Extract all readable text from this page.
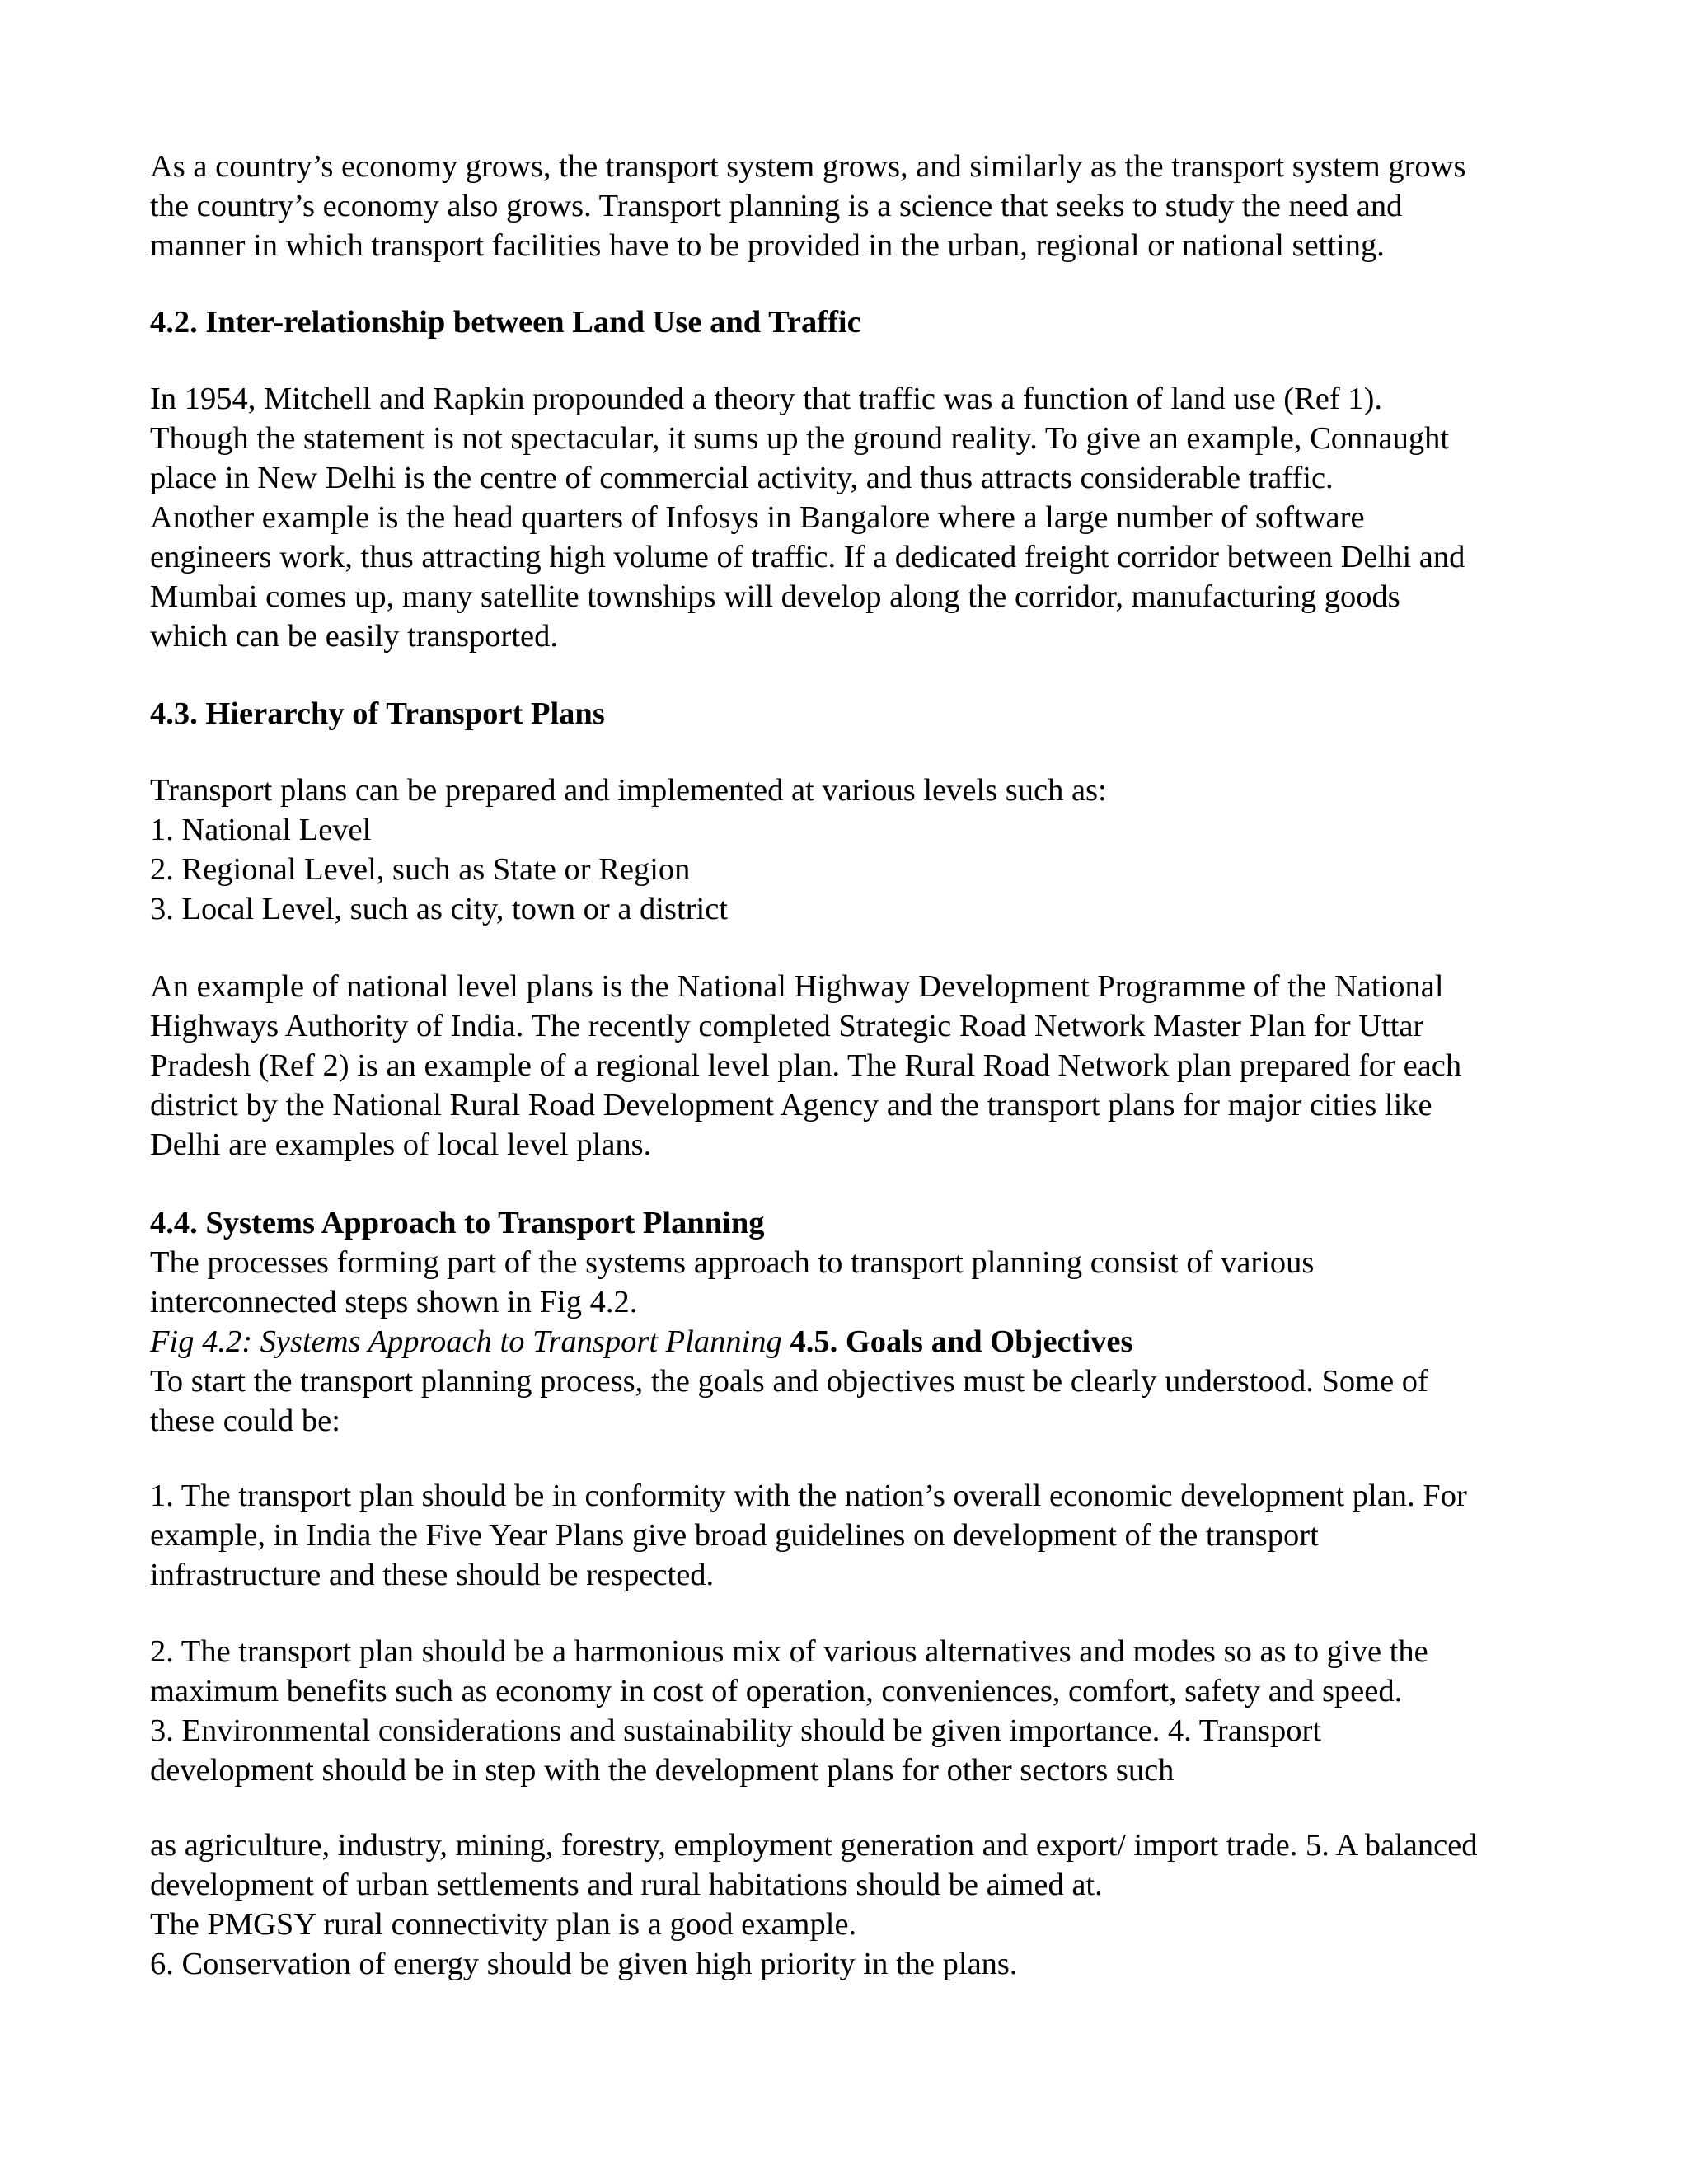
As a country’s economy grows, the transport system grows, and similarly as the transport system grows
the country’s economy also grows. Transport planning is a science that seeks to study the need and
manner in which transport facilities have to be provided in the urban, regional or national setting.

4.2. Inter-relationship between Land Use and Traffic

In 1954, Mitchell and Rapkin propounded a theory that traffic was a function of land use (Ref 1).
Though the statement is not spectacular, it sums up the ground reality. To give an example, Connaught
place in New Delhi is the centre of commercial activity, and thus attracts considerable traffic.
Another example is the head quarters of Infosys in Bangalore where a large number of software
engineers work, thus attracting high volume of traffic. If a dedicated freight corridor between Delhi and
Mumbai comes up, many satellite townships will develop along the corridor, manufacturing goods
which can be easily transported.

4.3. Hierarchy of Transport Plans

Transport plans can be prepared and implemented at various levels such as:
1. National Level
2. Regional Level, such as State or Region
3. Local Level, such as city, town or a district

An example of national level plans is the National Highway Development Programme of the National
Highways Authority of India. The recently completed Strategic Road Network Master Plan for Uttar
Pradesh (Ref 2) is an example of a regional level plan. The Rural Road Network plan prepared for each
district by the National Rural Road Development Agency and the transport plans for major cities like
Delhi are examples of local level plans.

4.4. Systems Approach to Transport Planning
The processes forming part of the systems approach to transport planning consist of various
interconnected steps shown in Fig 4.2.
Fig 4.2: Systems Approach to Transport Planning 4.5. Goals and Objectives
To start the transport planning process, the goals and objectives must be clearly understood. Some of
these could be:

1. The transport plan should be in conformity with the nation’s overall economic development plan. For
example, in India the Five Year Plans give broad guidelines on development of the transport
infrastructure and these should be respected.

2. The transport plan should be a harmonious mix of various alternatives and modes so as to give the
maximum benefits such as economy in cost of operation, conveniences, comfort, safety and speed.
3. Environmental considerations and sustainability should be given importance. 4. Transport
development should be in step with the development plans for other sectors such

as agriculture, industry, mining, forestry, employment generation and export/ import trade. 5. A balanced
development of urban settlements and rural habitations should be aimed at.
The PMGSY rural connectivity plan is a good example.
6. Conservation of energy should be given high priority in the plans.
